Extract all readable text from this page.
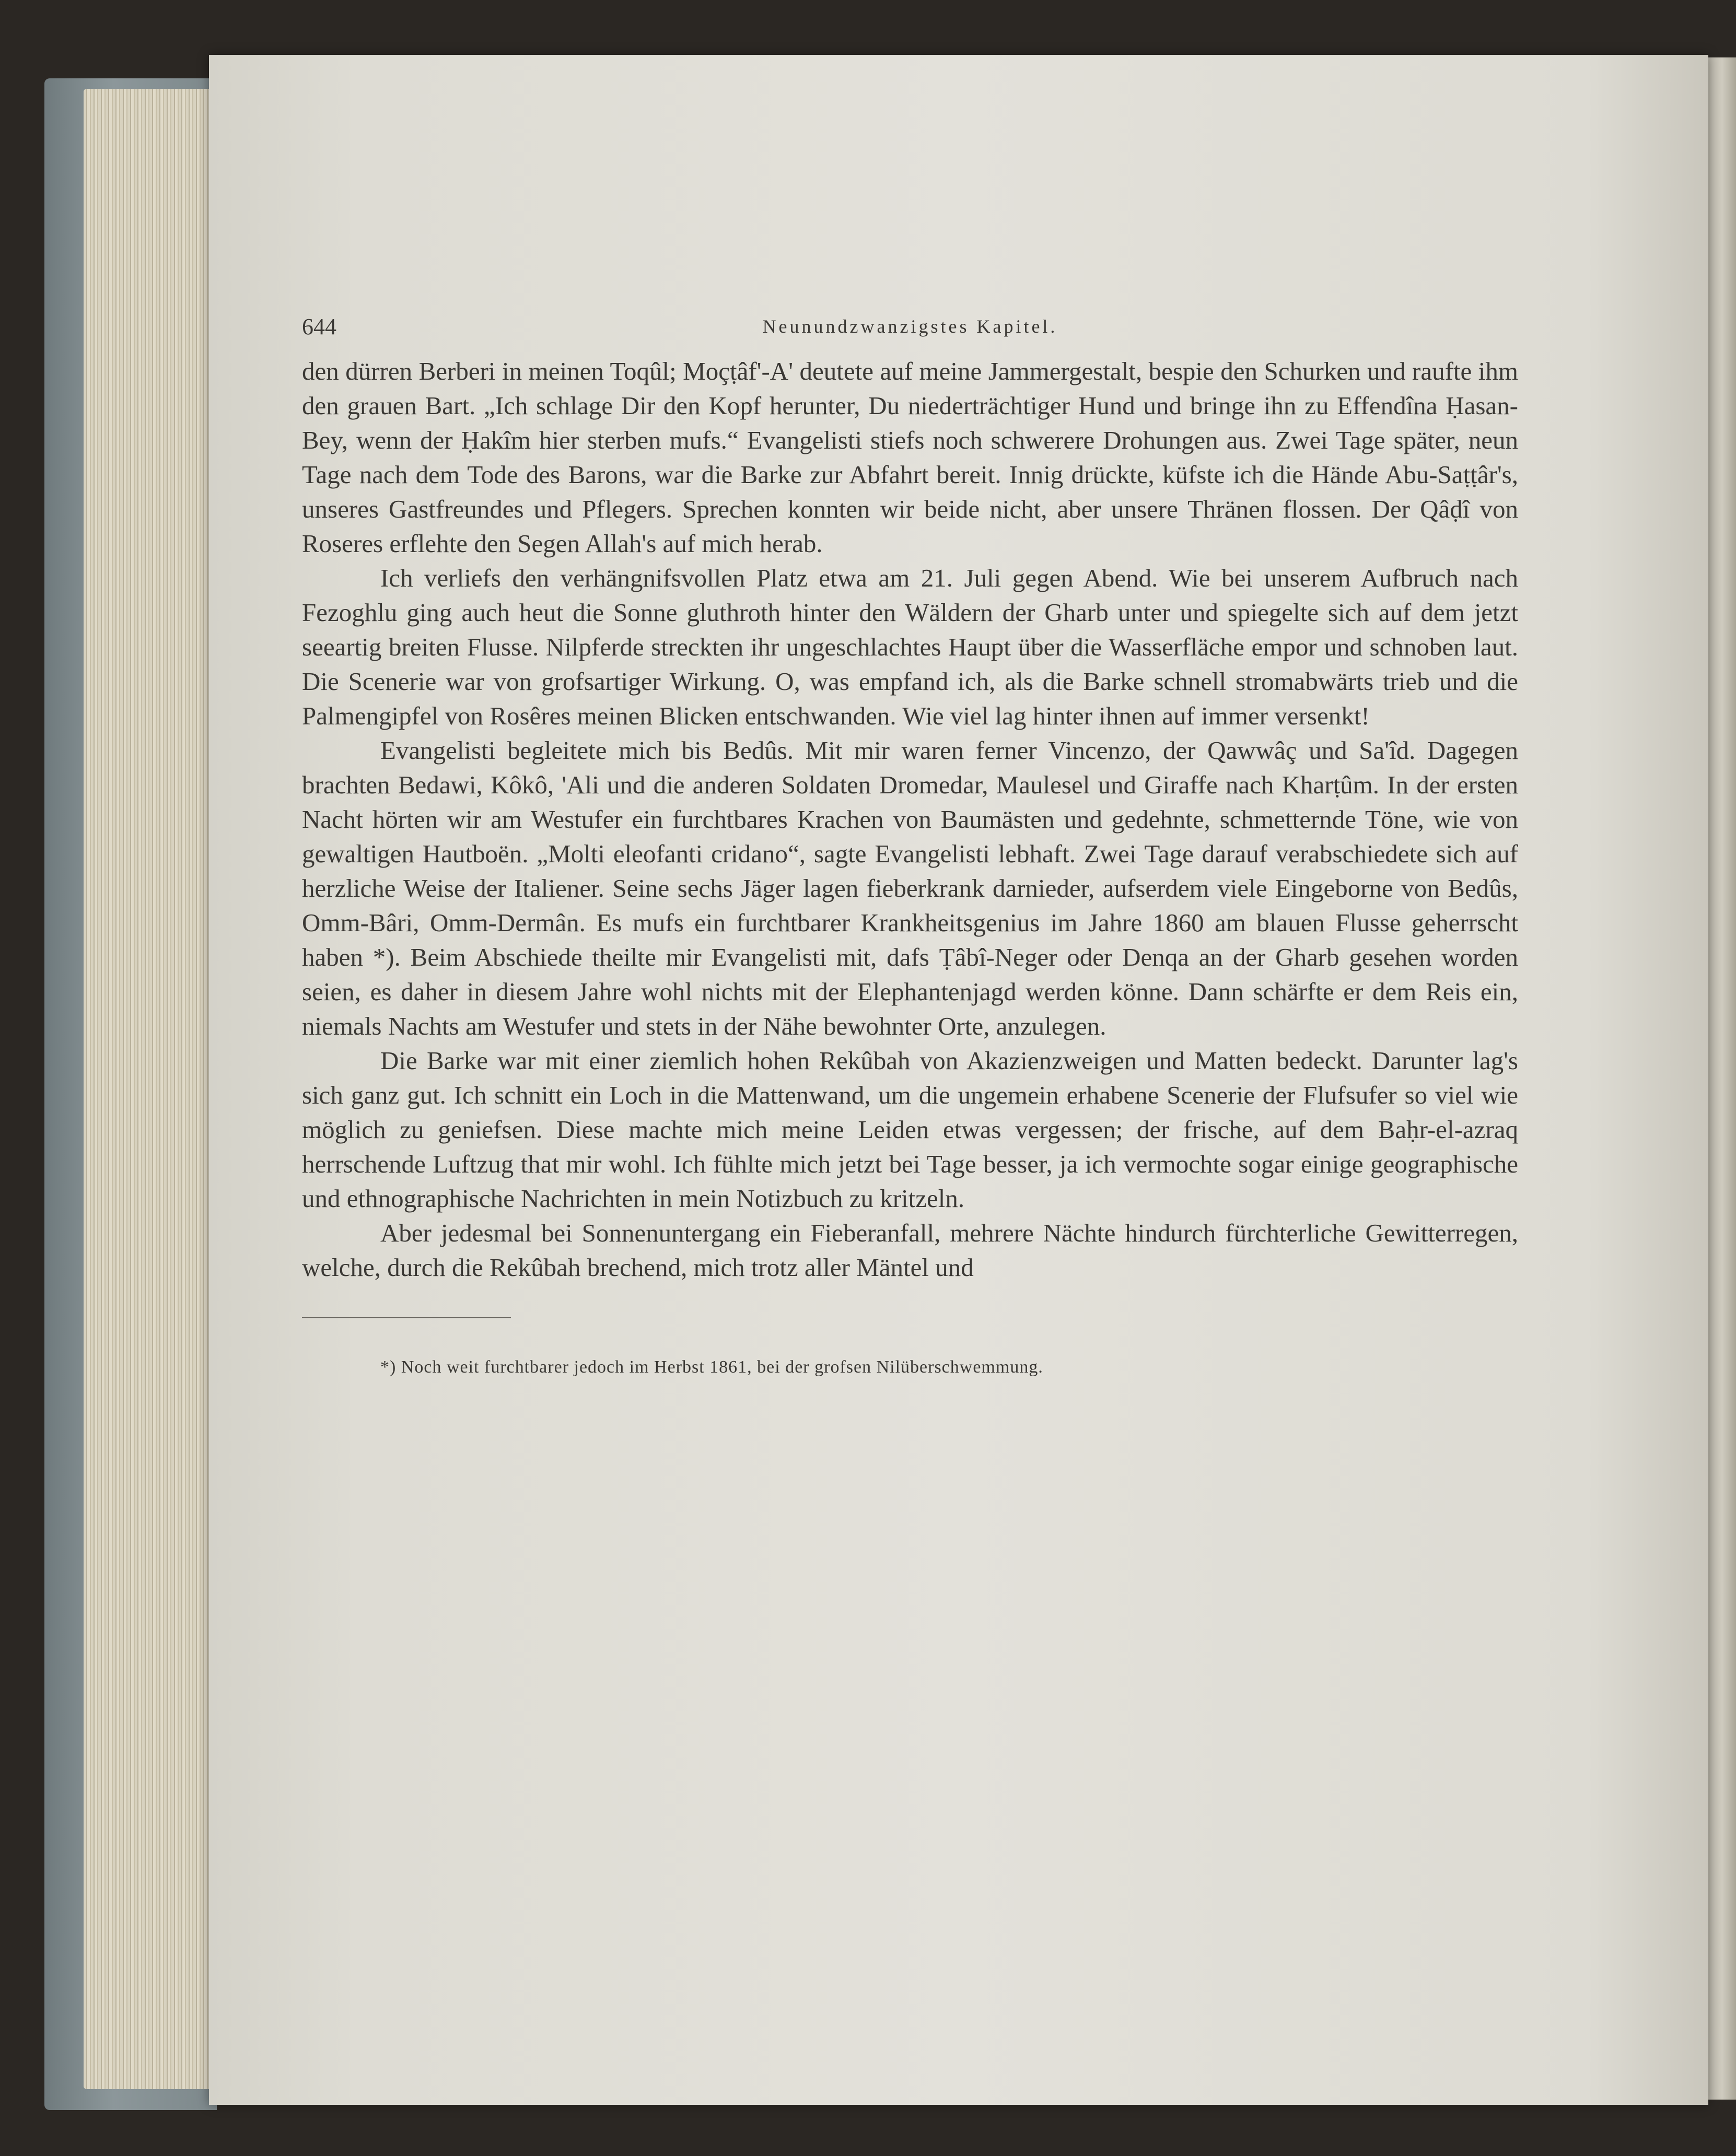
644	Neunundzwanzigstes Kapitel.

den dürren Berberi in meinen Toqûl; Moçṭâf'-A' deutete auf meine Jammergestalt, bespie den Schurken und raufte ihm den grauen Bart. „Ich schlage Dir den Kopf herunter, Du niederträchtiger Hund und bringe ihn zu Effendîna Ḥasan-Bey, wenn der Ḥakîm hier sterben mufs.“ Evangelisti stiefs noch schwerere Drohungen aus. Zwei Tage später, neun Tage nach dem Tode des Barons, war die Barke zur Abfahrt bereit. Innig drückte, küfste ich die Hände Abu-Saṭṭâr's, unseres Gastfreundes und Pflegers. Sprechen konnten wir beide nicht, aber unsere Thränen flossen. Der Qâḍî von Roseres erflehte den Segen Allah's auf mich herab.

Ich verliefs den verhängnifsvollen Platz etwa am 21. Juli gegen Abend. Wie bei unserem Aufbruch nach Fezoghlu ging auch heut die Sonne gluthroth hinter den Wäldern der Gharb unter und spiegelte sich auf dem jetzt seeartig breiten Flusse. Nilpferde streckten ihr ungeschlachtes Haupt über die Wasserfläche empor und schnoben laut. Die Scenerie war von grofsartiger Wirkung. O, was empfand ich, als die Barke schnell stromabwärts trieb und die Palmengipfel von Rosêres meinen Blicken entschwanden. Wie viel lag hinter ihnen auf immer versenkt!

Evangelisti begleitete mich bis Bedûs. Mit mir waren ferner Vincenzo, der Qawwâç und Sa'îd. Dagegen brachten Bedawi, Kôkô, 'Ali und die anderen Soldaten Dromedar, Maulesel und Giraffe nach Kharṭûm. In der ersten Nacht hörten wir am Westufer ein furchtbares Krachen von Baumästen und gedehnte, schmetternde Töne, wie von gewaltigen Hautboën. „Molti eleofanti cridano“, sagte Evangelisti lebhaft. Zwei Tage darauf verabschiedete sich auf herzliche Weise der Italiener. Seine sechs Jäger lagen fieberkrank darnieder, aufserdem viele Eingeborne von Bedûs, Omm-Bâri, Omm-Dermân. Es mufs ein furchtbarer Krankheitsgenius im Jahre 1860 am blauen Flusse geherrscht haben *). Beim Abschiede theilte mir Evangelisti mit, dafs Ṭâbî-Neger oder Denqa an der Gharb gesehen worden seien, es daher in diesem Jahre wohl nichts mit der Elephantenjagd werden könne. Dann schärfte er dem Reis ein, niemals Nachts am Westufer und stets in der Nähe bewohnter Orte, anzulegen.

Die Barke war mit einer ziemlich hohen Rekûbah von Akazienzweigen und Matten bedeckt. Darunter lag's sich ganz gut. Ich schnitt ein Loch in die Mattenwand, um die ungemein erhabene Scenerie der Flufsufer so viel wie möglich zu geniefsen. Diese machte mich meine Leiden etwas vergessen; der frische, auf dem Baḥr-el-azraq herrschende Luftzug that mir wohl. Ich fühlte mich jetzt bei Tage besser, ja ich vermochte sogar einige geographische und ethnographische Nachrichten in mein Notizbuch zu kritzeln.

Aber jedesmal bei Sonnenuntergang ein Fieberanfall, mehrere Nächte hindurch fürchterliche Gewitterregen, welche, durch die Rekûbah brechend, mich trotz aller Mäntel und

*) Noch weit furchtbarer jedoch im Herbst 1861, bei der grofsen Nilüberschwemmung.
